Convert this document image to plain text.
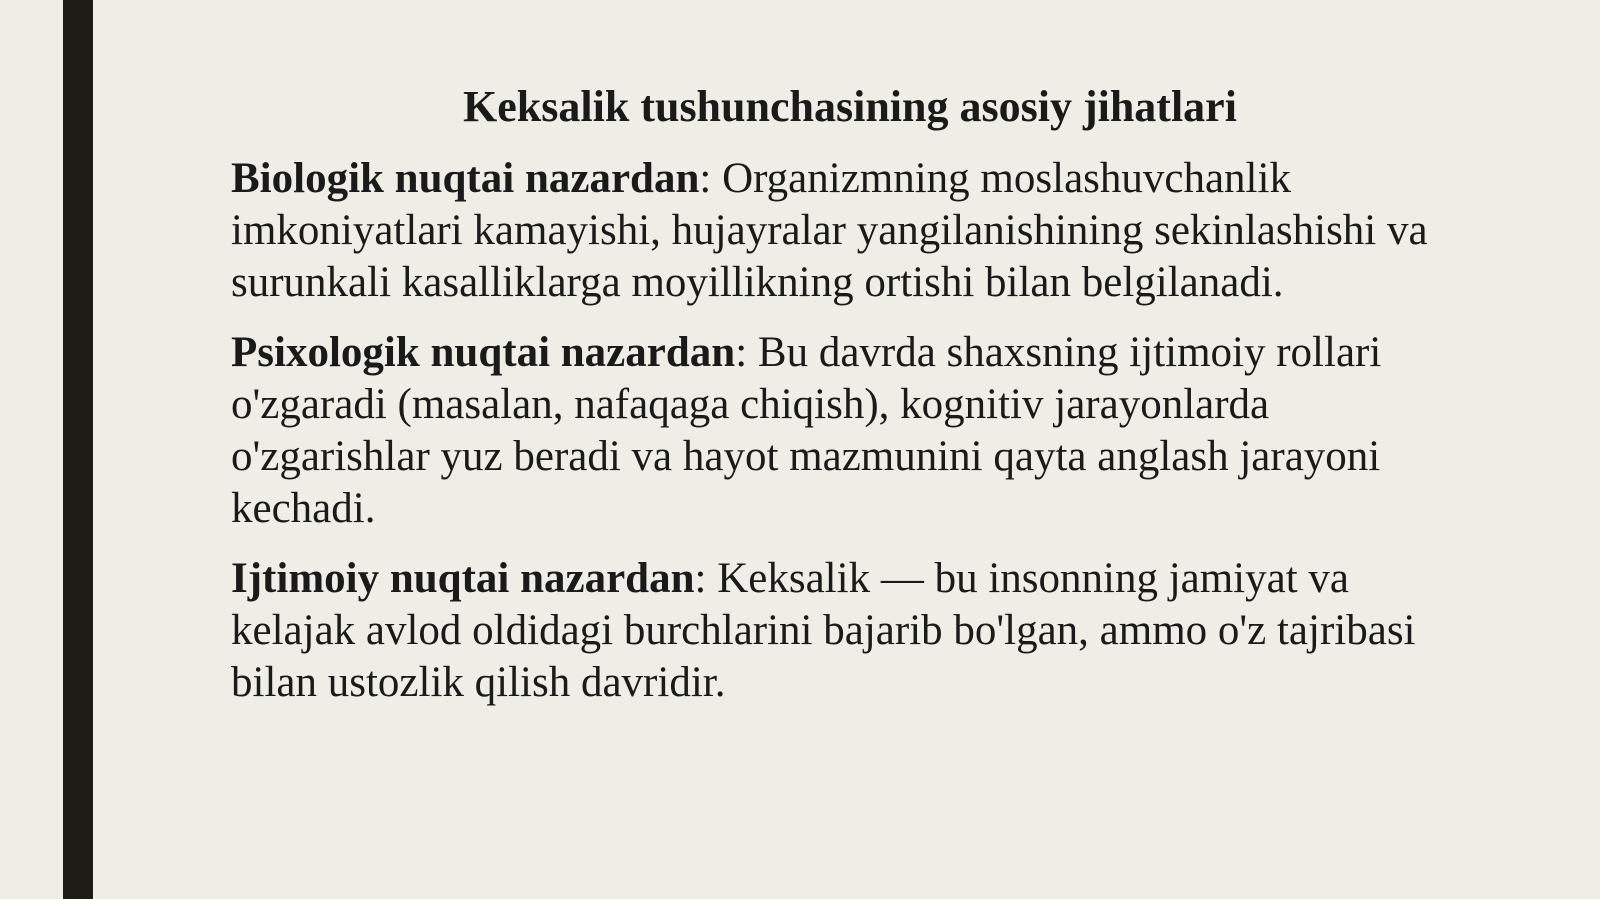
Keksalik tushunchasining asosiy jihatlari

Biologik nuqtai nazardan: Organizmning moslashuvchanlik imkoniyatlari kamayishi, hujayralar yangilanishining sekinlashishi va surunkali kasalliklarga moyillikning ortishi bilan belgilanadi.

Psixologik nuqtai nazardan: Bu davrda shaxsning ijtimoiy rollari o'zgaradi (masalan, nafaqaga chiqish), kognitiv jarayonlarda o'zgarishlar yuz beradi va hayot mazmunini qayta anglash jarayoni kechadi.

Ijtimoiy nuqtai nazardan: Keksalik — bu insonning jamiyat va kelajak avlod oldidagi burchlarini bajarib bo'lgan, ammo o'z tajribasi bilan ustozlik qilish davridir.
